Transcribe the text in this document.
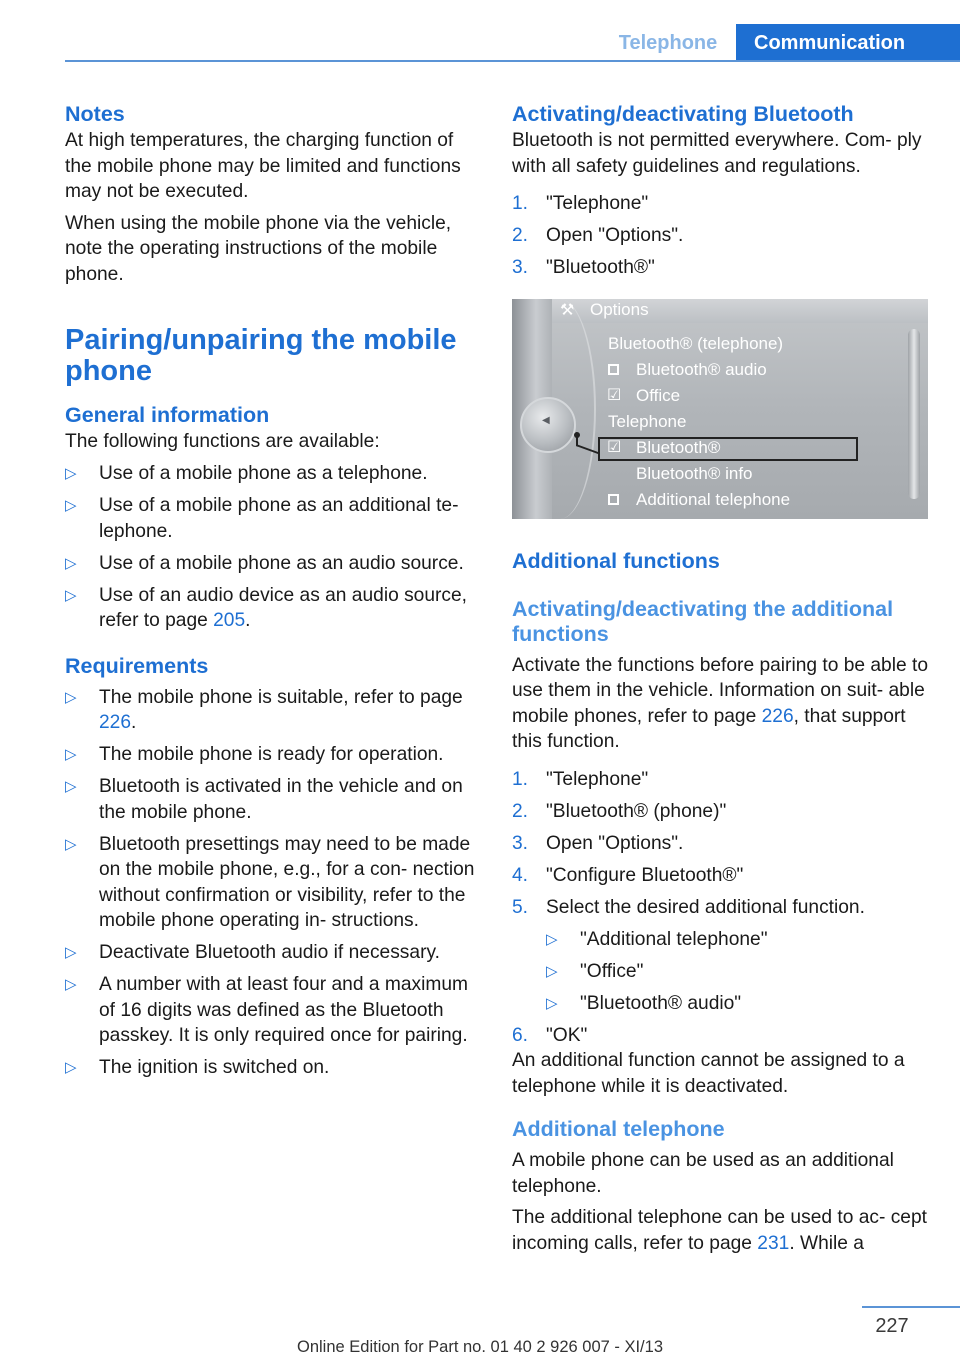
Telephone	Communication
Notes

At high temperatures, the charging function of the mobile phone may be limited and functions may not be executed.

When using the mobile phone via the vehicle, note the operating instructions of the mobile phone.

Pairing/unpairing the mobile phone
General information

The following functions are available:

▷ Use of a mobile phone as a telephone.
▷ Use of a mobile phone as an additional te‐ lephone.
▷ Use of a mobile phone as an audio source.
▷ Use of an audio device as an audio source, refer to page 205.
Requirements
▷ The mobile phone is suitable, refer to page 226.
▷ The mobile phone is ready for operation.
▷ Bluetooth is activated in the vehicle and on the mobile phone.
▷ Bluetooth presettings may need to be made on the mobile phone, e.g., for a con‐ nection without confirmation or visibility, refer to the mobile phone operating in‐ structions.
▷ Deactivate Bluetooth audio if necessary.
▷ A number with at least four and a maximum of 16 digits was defined as the Bluetooth passkey. It is only required once for pairing.
▷ The ignition is switched on.
Activating/deactivating Bluetooth

Bluetooth is not permitted everywhere. Com‐ ply with all safety guidelines and regulations.

1. "Telephone"
2. Open "Options".
3. "Bluetooth®"
◀
⚒ Options
Bluetooth® (telephone)
Bluetooth® audio
☑ Office
Telephone
☑ Bluetooth®
Bluetooth® info
Additional telephone
Additional functions
Activating/deactivating the additional functions

Activate the functions before pairing to be able to use them in the vehicle. Information on suit‐ able mobile phones, refer to page 226, that support this function.

1. "Telephone"
2. "Bluetooth® (phone)"
3. Open "Options".
4. "Configure Bluetooth®"
5. Select the desired additional function.
▷ "Additional telephone"
▷ "Office"
▷ "Bluetooth® audio"
6. "OK"

An additional function cannot be assigned to a telephone while it is deactivated.

Additional telephone

A mobile phone can be used as an additional telephone.

The additional telephone can be used to ac‐ cept incoming calls, refer to page 231. While a

227
Online Edition for Part no. 01 40 2 926 007 - XI/13
